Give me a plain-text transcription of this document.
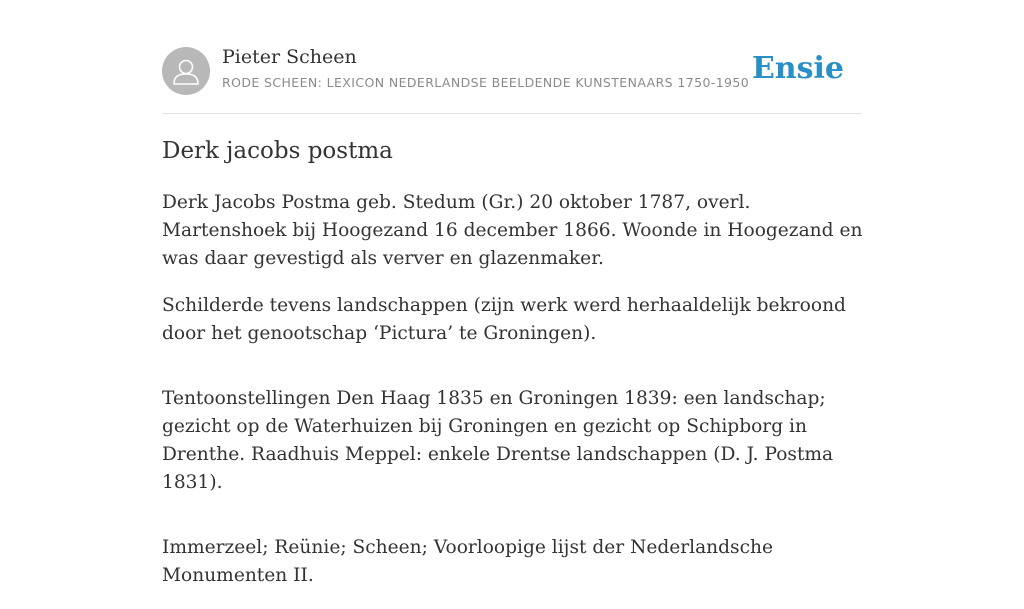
Pieter Scheen
RODE SCHEEN: LEXICON NEDERLANDSE BEELDENDE KUNSTENAARS 1750-1950 Ensie
Derk jacobs postma

Derk Jacobs Postma geb. Stedum (Gr.) 20 oktober 1787, overl. Martenshoek bij Hoogezand 16 december 1866. Woonde in Hoogezand en was daar gevestigd als verver en glazenmaker.

Schilderde tevens landschappen (zijn werk werd herhaaldelijk bekroond door het genootschap ‘Pictura’ te Groningen).

Tentoonstellingen Den Haag 1835 en Groningen 1839: een landschap; gezicht op de Waterhuizen bij Groningen en gezicht op Schipborg in Drenthe. Raadhuis Meppel: enkele Drentse landschappen (D. J. Postma 1831).

Immerzeel; Reünie; Scheen; Voorloopige lijst der Nederlandsche Monumenten II.
